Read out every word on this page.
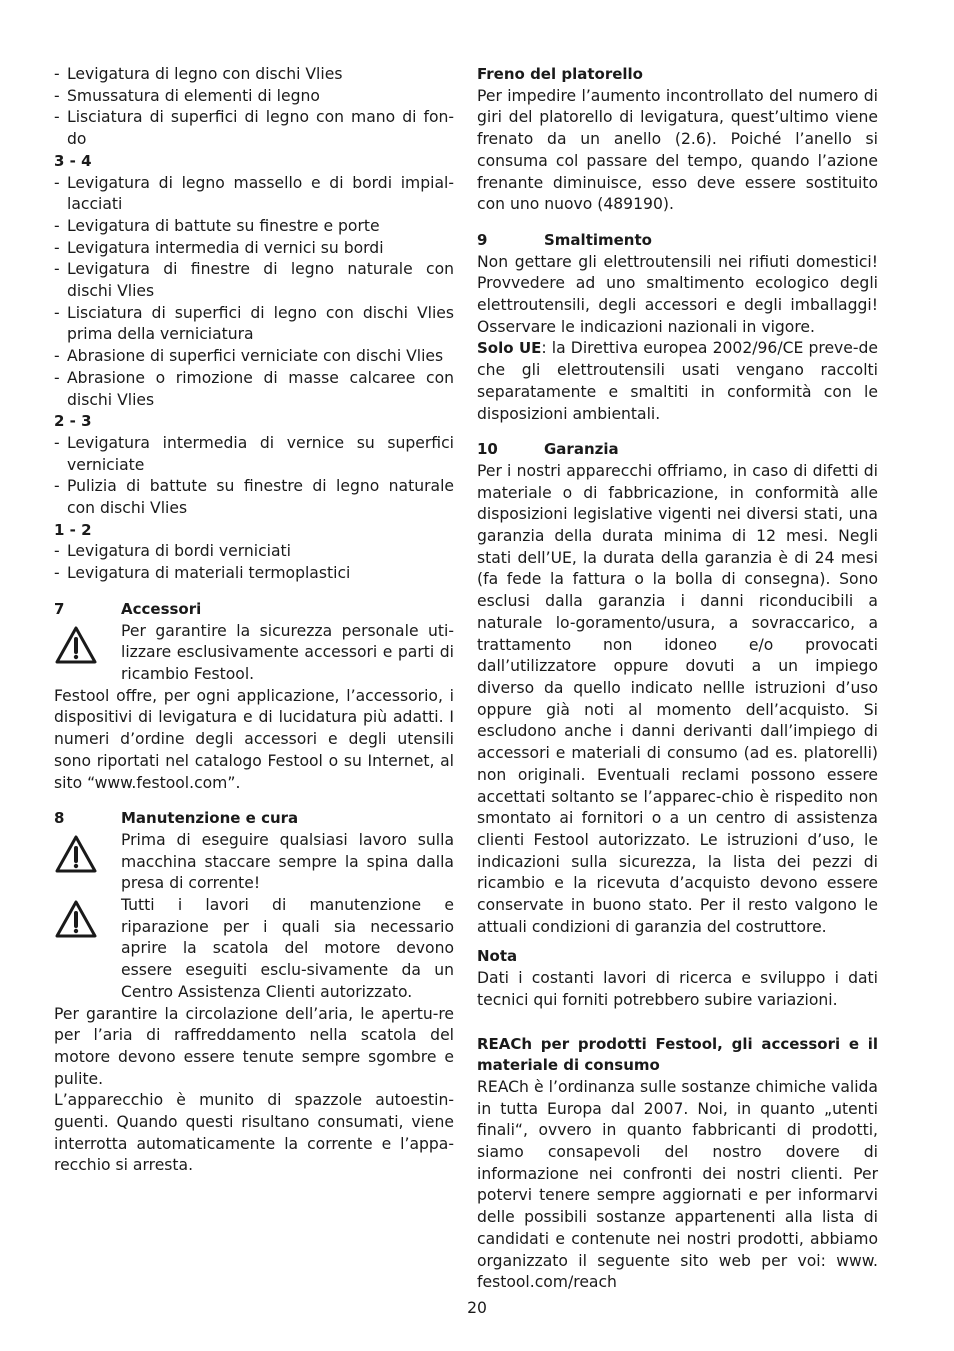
- Levigatura di legno con dischi Vlies
- Smussatura di elementi di legno
- Lisciatura di superfici di legno con mano di fon-do
3 - 4
- Levigatura di legno massello e di bordi impial-lacciati
- Levigatura di battute su finestre e porte
- Levigatura intermedia di vernici su bordi
- Levigatura di finestre di legno naturale con dischi Vlies
- Lisciatura di superfici di legno con dischi Vlies prima della verniciatura
- Abrasione di superfici verniciate con dischi Vlies
- Abrasione o rimozione di masse calcaree con dischi Vlies
2 - 3
- Levigatura intermedia di vernice su superfici verniciate
- Pulizia di battute su finestre di legno naturale con dischi Vlies
1 - 2
- Levigatura di bordi verniciati
- Levigatura di materiali termoplastici
7	Accessori
Per garantire la sicurezza personale uti-lizzare esclusivamente accessori e parti di ricambio Festool.
Festool offre, per ogni applicazione, l’accessorio, i dispositivi di levigatura e di lucidatura più adatti. I numeri d’ordine degli accessori e degli utensili sono riportati nel catalogo Festool o su Internet, al sito “www.festool.com”.
8	Manutenzione e cura
Prima di eseguire qualsiasi lavoro sulla macchina staccare sempre la spina dalla presa di corrente!
Tutti i lavori di manutenzione e riparazione per i quali sia necessario aprire la scatola del motore devono essere eseguiti esclu-sivamente da un Centro Assistenza Clienti autorizzato.
Per garantire la circolazione dell’aria, le apertu-re per l’aria di raffreddamento nella scatola del motore devono essere tenute sempre sgombre e pulite.
L’apparecchio è munito di spazzole autoestin-guenti. Quando questi risultano consumati, viene interrotta automaticamente la corrente e l’appa-recchio si arresta.
Freno del platorello
Per impedire l’aumento incontrollato del numero di giri del platorello di levigatura, quest’ultimo viene frenato da un anello (2.6). Poiché l’anello si consuma col passare del tempo, quando l’azione frenante diminuisce, esso deve essere sostituito con uno nuovo (489190).
9	Smaltimento
Non gettare gli elettroutensili nei rifiuti domestici! Provvedere ad uno smaltimento ecologico degli elettroutensili, degli accessori e degli imballaggi! Osservare le indicazioni nazionali in vigore.
Solo UE: la Direttiva europea 2002/96/CE preve-de che gli elettroutensili usati vengano raccolti separatamente e smaltiti in conformità con le disposizioni ambientali.
10	Garanzia
Per i nostri apparecchi offriamo, in caso di difetti di materiale o di fabbricazione, in conformità alle disposizioni legislative vigenti nei diversi stati, una garanzia della durata minima di 12 mesi. Negli stati dell’UE, la durata della garanzia è di 24 mesi (fa fede la fattura o la bolla di consegna). Sono esclusi dalla garanzia i danni riconducibili a naturale lo-goramento/usura, a sovraccarico, a trattamento non idoneo e/o provocati dall’utilizzatore oppure dovuti a un impiego diverso da quello indicato nellle istruzioni d’uso oppure già noti al momento dell’acquisto. Si escludono anche i danni derivanti dall’impiego di accessori e materiali di consumo (ad es. platorelli) non originali. Eventuali reclami possono essere accettati soltanto se l’apparec-chio è rispedito non smontato ai fornitori o a un centro di assistenza clienti Festool autorizzato. Le istruzioni d’uso, le indicazioni sulla sicurezza, la lista dei pezzi di ricambio e la ricevuta d’acquisto devono essere conservate in buono stato. Per il resto valgono le attuali condizioni di garanzia del costruttore.
Nota
Dati i costanti lavori di ricerca e sviluppo i dati tecnici qui forniti potrebbero subire variazioni.
REACh per prodotti Festool, gli accessori e il materiale di consumo
REACh è l’ordinanza sulle sostanze chimiche valida in tutta Europa dal 2007. Noi, in quanto „utenti finali“, ovvero in quanto fabbricanti di prodotti, siamo consapevoli del nostro dovere di informazione nei confronti dei nostri clienti. Per potervi tenere sempre aggiornati e per informarvi delle possibili sostanze appartenenti alla lista di candidati e contenute nei nostri prodotti, abbiamo organizzato il seguente sito web per voi: www. festool.com/reach
20
